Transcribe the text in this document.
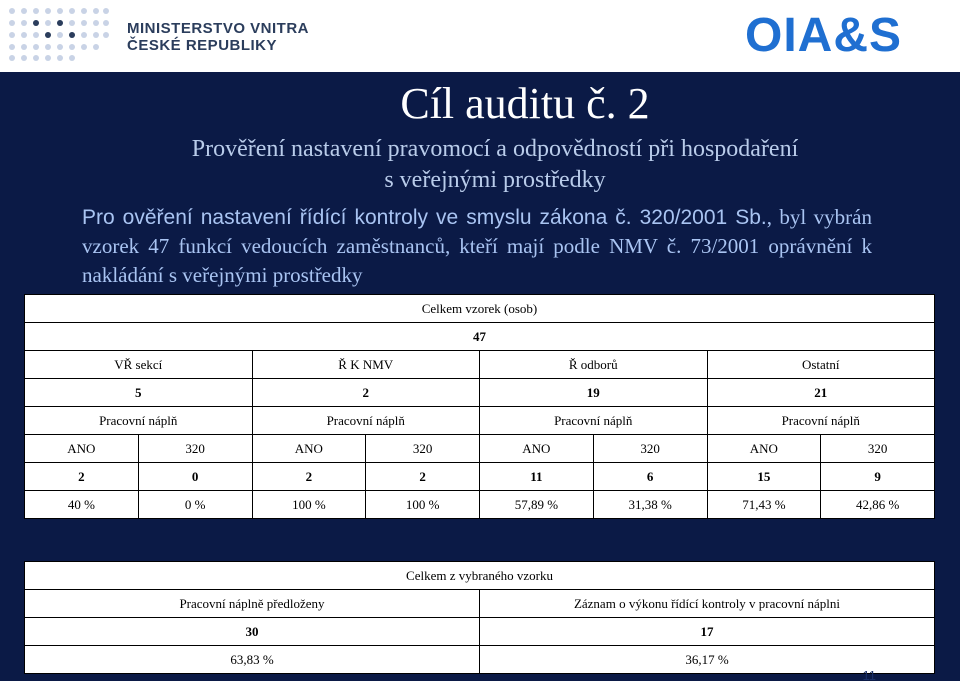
MINISTERSTVO VNITRA
ČESKÉ REPUBLIKY	OIA&S
Cíl auditu č. 2
Prověření nastavení pravomocí a odpovědností při hospodaření
s veřejnými prostředky
Pro ověření nastavení řídící kontroly ve smyslu zákona č. 320/2001 Sb., byl vybrán vzorek 47 funkcí vedoucích zaměstnanců, kteří mají podle NMV č. 73/2001 oprávnění k nakládání s veřejnými prostředky
Celkem vzorek (osob)							
47							
VŘ sekcí		Ř K NMV		Ř odborů		Ostatní	
5		2		19		21	
Pracovní náplň		Pracovní náplň		Pracovní náplň		Pracovní náplň	
ANO	320	ANO	320	ANO	320	ANO	320
2	0	2	2	11	6	15	9
40 %	0 %	100 %	100 %	57,89 %	31,38 %	71,43 %	42,86 %
Celkem z vybraného vzorku	
Pracovní náplně předloženy	Záznam o výkonu řídící kontroly v pracovní náplni
30	17
63,83 %	36,17 %
11
